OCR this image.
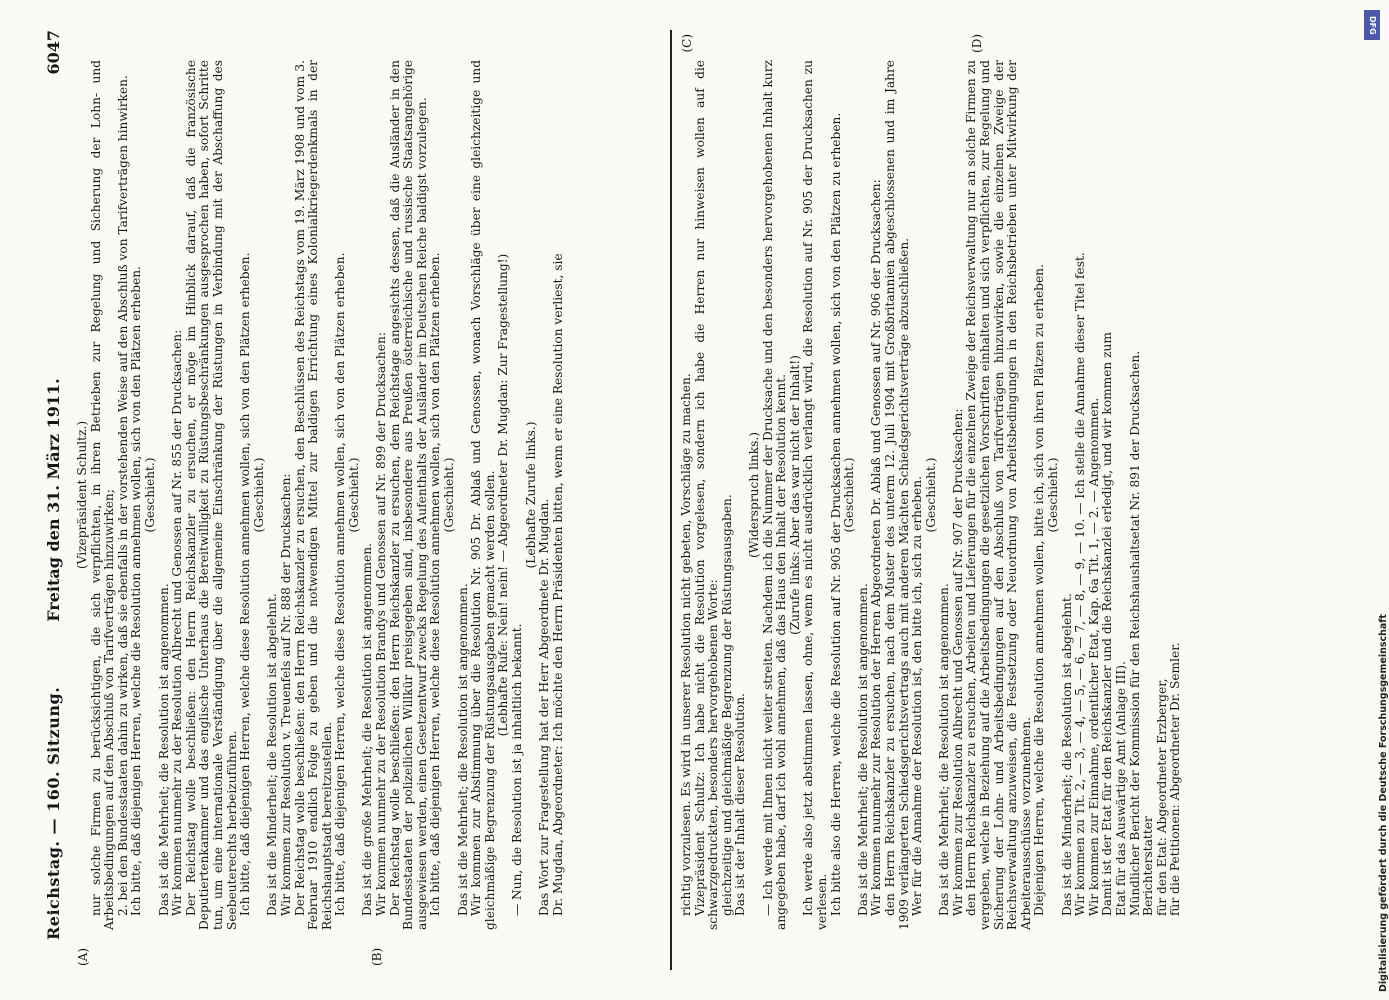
Reichstag. — 160. Sitzung.
Freitag den 31. März 1911.
6047
(A)	(B)
(C)	(D)

(Vizepräsident Schultz.) nur solche Firmen zu berücksichtigen, die sich verpflichten, in ihren Betrieben zur Regelung und Sicherung der Lohn- und Arbeitsbedingungen auf den Abschluß von Tarifverträgen hinzuwirken; 2. bei den Bundesstaaten dahin zu wirken, daß sie ebenfalls in der vorstehenden Weise auf den Abschluß von Tarifverträgen hinwirken. Ich bitte, daß diejenigen Herren, welche die Resolution annehmen wollen, sich von den Plätzen erheben. (Geschieht.)

Das ist die Mehrheit; die Resolution ist angenommen. Wir kommen nunmehr zu der Resolution Albrecht und Genossen auf Nr. 855 der Drucksachen: Der Reichstag wolle beschließen: den Herrn Reichskanzler zu ersuchen, er möge im Hinblick darauf, daß die französische Deputiertenkammer und das englische Unterhaus die Bereitwilligkeit zu Rüstungsbeschränkungen ausgesprochen haben, sofort Schritte tun, um eine internationale Verständigung über die allgemeine Einschränkung der Rüstungen in Verbindung mit der Abschaffung des Seebeuterechts herbeizuführen. Ich bitte, daß diejenigen Herren, welche diese Resolution annehmen wollen, sich von den Plätzen erheben. (Geschieht.)

Das ist die Minderheit; die Resolution ist abgelehnt. Wir kommen zur Resolution v. Treuenfels auf Nr. 888 der Drucksachen: Der Reichstag wolle beschließen: den Herrn Reichskanzler zu ersuchen, den Beschlüssen des Reichstags vom 19. März 1908 und vom 3. Februar 1910 endlich Folge zu geben und die notwendigen Mittel zur baldigen Errichtung eines Kolonialkriegerdenkmals in der Reichshauptstadt bereitzustellen. Ich bitte, daß diejenigen Herren, welche diese Resolution annehmen wollen, sich von den Plätzen erheben. (Geschieht.)

Das ist die große Mehrheit; die Resolution ist angenommen. Wir kommen nunmehr zu der Resolution Brandys und Genossen auf Nr. 899 der Drucksachen: Der Reichstag wolle beschließen: den Herrn Reichskanzler zu ersuchen, dem Reichstage angesichts dessen, daß die Ausländer in den Bundesstaaten der polizeilichen Willkür preisgegeben sind, insbesondere aus Preußen österreichische und russische Staatsangehörige ausgewiesen werden, einen Gesetzentwurf zwecks Regelung des Aufenthalts der Ausländer im Deutschen Reiche baldigst vorzulegen. Ich bitte, daß diejenigen Herren, welche diese Resolution annehmen wollen, sich von den Plätzen erheben. (Geschieht.)

Das ist die Mehrheit; die Resolution ist angenommen. Wir kommen zur Abstimmung über die Resolution Nr. 905 Dr. Ablaß und Genossen, wonach Vorschläge über eine gleichzeitige und gleichmäßige Begrenzung der Rüstungsausgaben gemacht werden sollen. (Lebhafte Rufe: Nein! nein! — Abgeordneter Dr. Mugdan: Zur Fragestellung!)

— Nun, die Resolution ist ja inhaltlich bekannt.

(Lebhafte Zurufe links.)

Das Wort zur Fragestellung hat der Herr Abgeordnete Dr. Mugdan. Dr. Mugdan, Abgeordneter: Ich möchte den Herrn Präsidenten bitten, wenn er eine Resolution verliest, sie	richtig vorzulesen. Es wird in unserer Resolution nicht gebeten, Vorschläge zu machen. Vizepräsident Schultz: Ich habe nicht die Resolution vorgelesen, sondern ich habe die Herren nur hinweisen wollen auf die schwarzgedruckten, besonders hervorgehobenen Worte: gleichzeitige und gleichmäßige Begrenzung der Rüstungsausgaben. Das ist der Inhalt dieser Resolution.

(Widerspruch links.) — Ich werde mit Ihnen nicht weiter streiten. Nachdem ich die Nummer der Drucksache und den besonders hervorgehobenen Inhalt kurz angegeben habe, darf ich wohl annehmen, daß das Haus den Inhalt der Resolution kennt. (Zurufe links: Aber das war nicht der Inhalt!) Ich werde also jetzt abstimmen lassen, ohne, wenn es nicht ausdrücklich verlangt wird, die Resolution auf Nr. 905 der Drucksachen zu verlesen. Ich bitte also die Herren, welche die Resolution auf Nr. 905 der Drucksachen annehmen wollen, sich von den Plätzen zu erheben. (Geschieht.)

Das ist die Mehrheit; die Resolution ist angenommen. Wir kommen nunmehr zur Resolution der Herren Abgeordneten Dr. Ablaß und Genossen auf Nr. 906 der Drucksachen: den Herrn Reichskanzler zu ersuchen, nach dem Muster des unterm 12. Juli 1904 mit Großbritannien abgeschlossenen und im Jahre 1909 verlängerten Schiedsgerichtsvertrags auch mit anderen Mächten Schiedsgerichtsverträge abzuschließen. Wer für die Annahme der Resolution ist, den bitte ich, sich zu erheben. (Geschieht.)

Das ist die Mehrheit; die Resolution ist angenommen. Wir kommen zur Resolution Albrecht und Genossen auf Nr. 907 der Drucksachen: den Herrn Reichskanzler zu ersuchen, Arbeiten und Lieferungen für die einzelnen Zweige der Reichsverwaltung nur an solche Firmen zu vergeben, welche in Beziehung auf die Arbeitsbedingungen die gesetzlichen Vorschriften einhalten und sich verpflichten, zur Regelung und Sicherung der Lohn- und Arbeitsbedingungen auf den Abschluß von Tarifverträgen hinzuwirken, sowie die einzelnen Zweige der Reichsverwaltung anzuweisen, die Festsetzung oder Neuordnung von Arbeitsbedingungen in den Reichsbetrieben unter Mitwirkung der Arbeiterausschüsse vorzunehmen. Diejenigen Herren, welche die Resolution annehmen wollen, bitte ich, sich von ihren Plätzen zu erheben. (Geschieht.)

Das ist die Minderheit; die Resolution ist abgelehnt. Wir kommen zu Tit. 2, — 3, — 4, — 5, — 6, — 7, — 8, — 9, — 10. — Ich stelle die Annahme dieser Titel fest. Wir kommen zur Einnahme, ordentlicher Etat, Kap. 6a Tit. 1, — 2. — Angenommen. Damit ist der Etat für den Reichskanzler und die Reichskanzlei erledigt, und wir kommen zum Etat für das Auswärtige Amt (Anlage III). Mündlicher Bericht der Kommission für den Reichshaushaltsetat Nr. 891 der Drucksachen. Berichterstatter für den Etat: Abgeordneter Erzberger, für die Petitionen: Abgeordneter Dr. Semler.

DFG
Digitalisierung gefördert durch die Deutsche Forschungsgemeinschaft
